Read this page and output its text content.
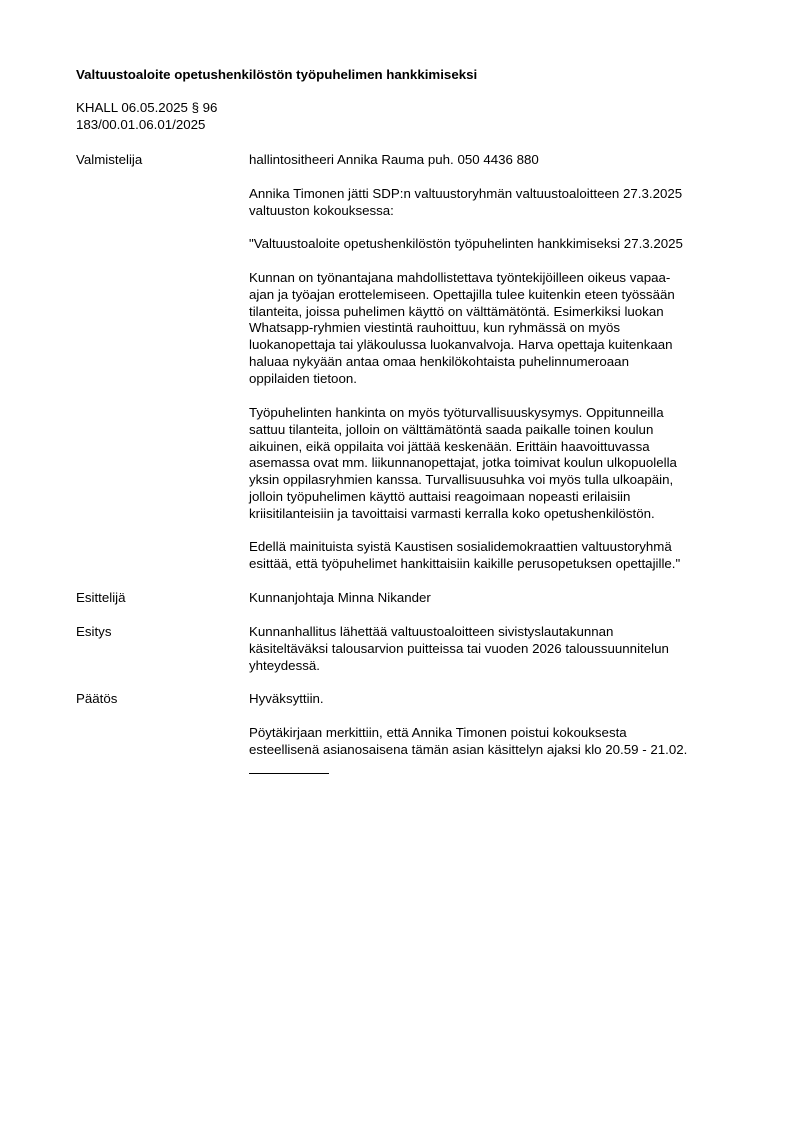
Valtuustoaloite opetushenkilöstön työpuhelimen hankkimiseksi
KHALL 06.05.2025 § 96
183/00.01.06.01/2025
Valmistelija	hallintositheeri Annika Rauma puh. 050 4436 880
Annika Timonen jätti SDP:n valtuustoryhmän valtuustoaloitteen 27.3.2025
valtuuston kokouksessa:
"Valtuustoaloite opetushenkilöstön työpuhelinten hankkimiseksi 27.3.2025
Kunnan on työnantajana mahdollistettava työntekijöilleen oikeus vapaa-
ajan ja työajan erottelemiseen. Opettajilla tulee kuitenkin eteen työssään
tilanteita, joissa puhelimen käyttö on välttämätöntä. Esimerkiksi luokan
Whatsapp-ryhmien viestintä rauhoittuu, kun ryhmässä on myös
luokanopettaja tai yläkoulussa luokanvalvoja. Harva opettaja kuitenkaan
haluaa nykyään antaa omaa henkilökohtaista puhelinnumeroaan
oppilaiden tietoon.
Työpuhelinten hankinta on myös työturvallisuuskysymys. Oppitunneilla
sattuu tilanteita, jolloin on välttämätöntä saada paikalle toinen koulun
aikuinen, eikä oppilaita voi jättää keskenään. Erittäin haavoittuvassa
asemassa ovat mm. liikunnanopettajat, jotka toimivat koulun ulkopuolella
yksin oppilasryhmien kanssa. Turvallisuusuhka voi myös tulla ulkoapäin,
jolloin työpuhelimen käyttö auttaisi reagoimaan nopeasti erilaisiin
kriisitilanteisiin ja tavoittaisi varmasti kerralla koko opetushenkilöstön.
Edellä mainituista syistä Kaustisen sosialidemokraattien valtuustoryhmä
esittää, että työpuhelimet hankittaisiin kaikille perusopetuksen opettajille."
Esittelijä	Kunnanjohtaja Minna Nikander
Esitys	Kunnanhallitus lähettää valtuustoaloitteen sivistyslautakunnan
käsiteltäväksi talousarvion puitteissa tai vuoden 2026 taloussuunnitelun
yhteydessä.
Päätös	Hyväksyttiin.
Pöytäkirjaan merkittiin, että Annika Timonen poistui kokouksesta
esteellisenä asianosaisena tämän asian käsittelyn ajaksi klo 20.59 - 21.02.
